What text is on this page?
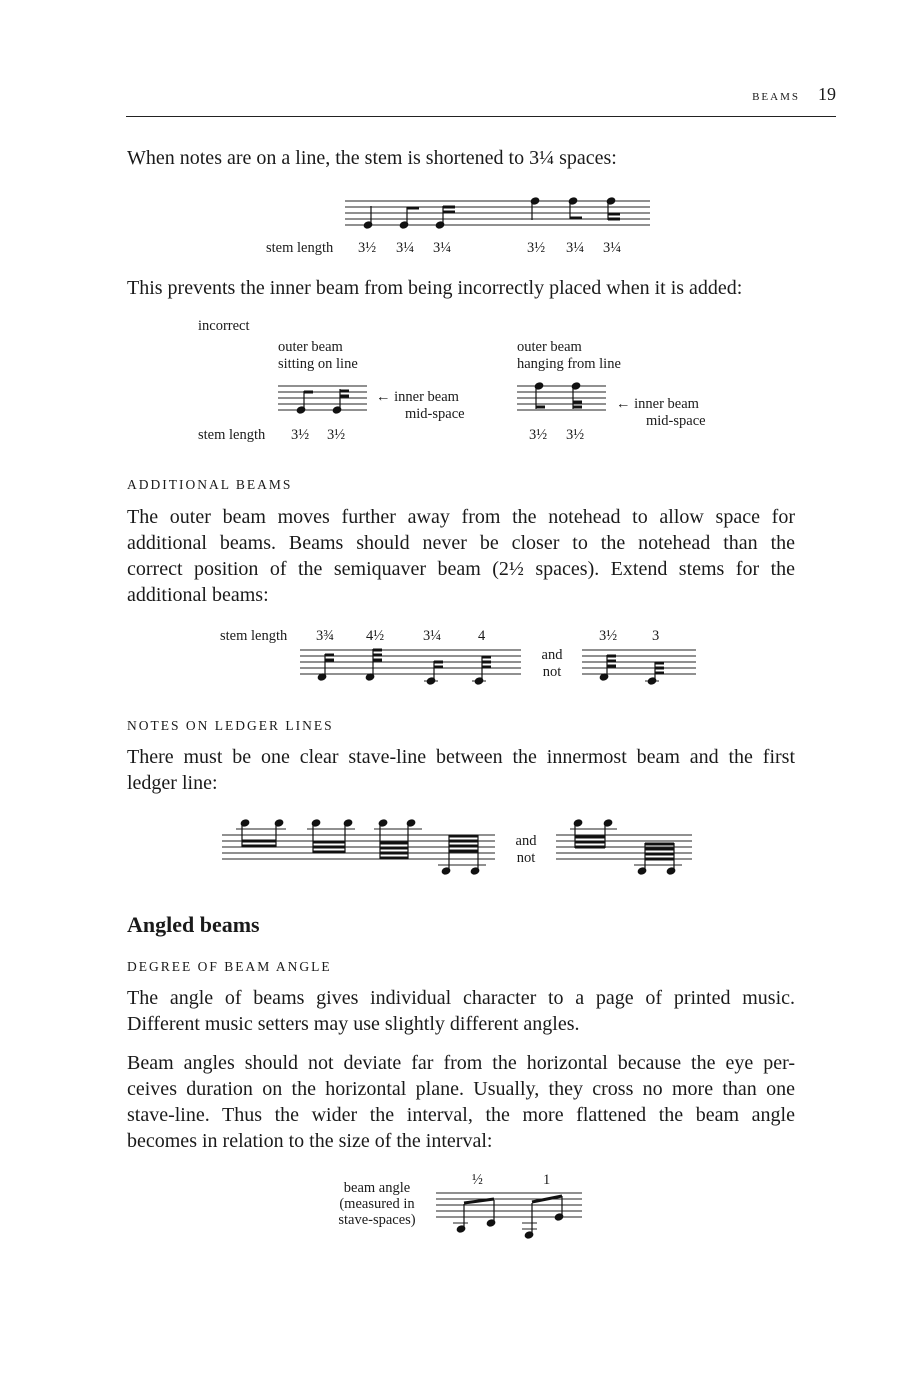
beams 19
When notes are on a line, the stem is shortened to 3¼ spaces:
stem length 3½ 3¼ 3¼	3½ 3¼ 3¼
This prevents the inner beam from being incorrectly placed when it is added:
incorrect
outer beam
sitting on line
outer beam
hanging from line
← inner beam
mid-space
← inner beam
mid-space
stem length 3½ 3½	3½ 3½
ADDITIONAL BEAMS
The outer beam moves further away from the notehead to allow space for
additional beams. Beams should never be closer to the notehead than the
correct position of the semiquaver beam (2½ spaces). Extend stems for the
additional beams:
stem length 3¾ 4½	3¼	4	3½ 3
and
not
NOTES ON LEDGER LINES
There must be one clear stave-line between the innermost beam and the first
ledger line:
and
not
Angled beams
DEGREE OF BEAM ANGLE
The angle of beams gives individual character to a page of printed music.
Different music setters may use slightly different angles.
Beam angles should not deviate far from the horizontal because the eye per-
ceives duration on the horizontal plane. Usually, they cross no more than one
stave-line. Thus the wider the interval, the more flattened the beam angle
becomes in relation to the size of the interval:
beam angle
(measured in
stave-spaces)
½	1
